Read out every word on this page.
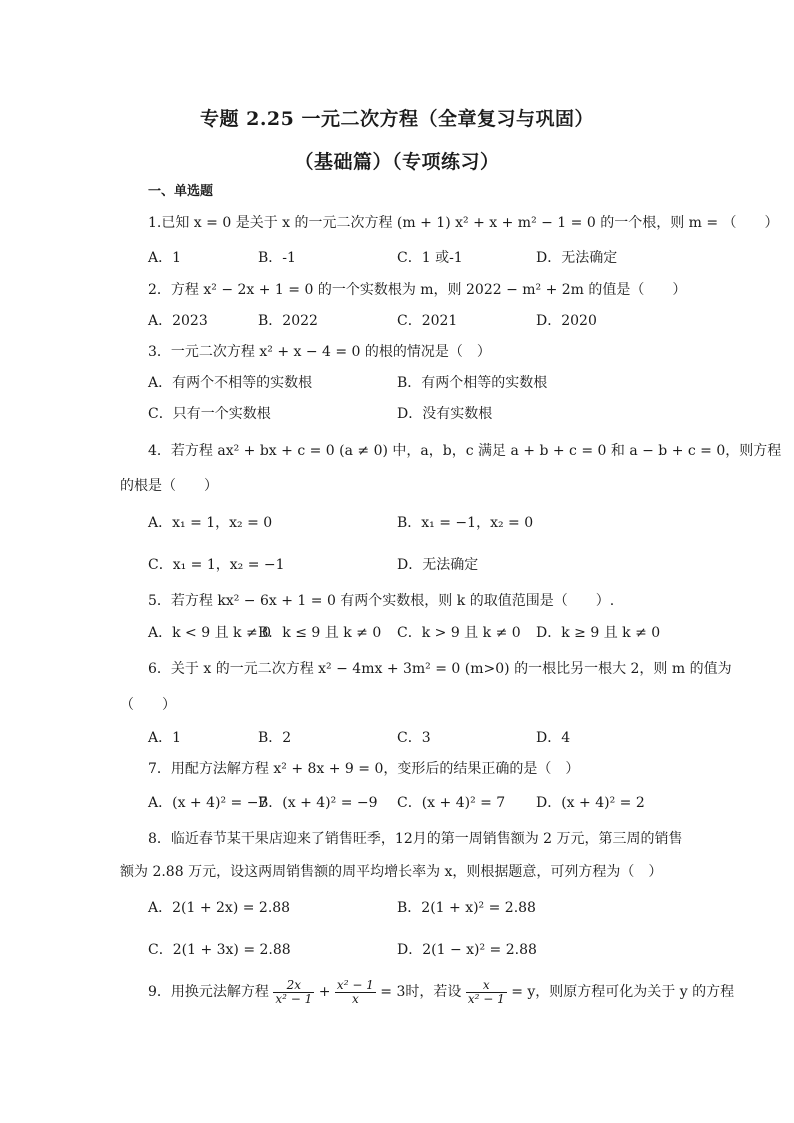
专题 2.25 一元二次方程（全章复习与巩固）
（基础篇）（专项练习）
一、单选题
1.已知 x = 0 是关于 x 的一元二次方程 (m + 1) x² + x + m² − 1 = 0 的一个根，则 m = （　　）
A．1	B．-1	C．1 或-1	D．无法确定
2．方程 x² − 2x + 1 = 0 的一个实数根为 m，则 2022 − m² + 2m 的值是（　　）
A．2023	B．2022	C．2021	D．2020
3．一元二次方程 x² + x − 4 = 0 的根的情况是（　）
A．有两个不相等的实数根	B．有两个相等的实数根
C．只有一个实数根	D．没有实数根
4．若方程 ax² + bx + c = 0 (a ≠ 0) 中，a，b，c 满足 a + b + c = 0 和 a − b + c = 0，则方程
的根是（　　）
A．x₁ = 1，x₂ = 0	B．x₁ = −1，x₂ = 0
C．x₁ = 1，x₂ = −1	D．无法确定
5．若方程 kx² − 6x + 1 = 0 有两个实数根，则 k 的取值范围是（　　）.
A．k < 9 且 k ≠ 0
B．k ≤ 9 且 k ≠ 0 C．k > 9 且 k ≠ 0 D．k ≥ 9 且 k ≠ 0
6．关于 x 的一元二次方程 x² − 4mx + 3m² = 0 (m>0) 的一根比另一根大 2，则 m 的值为
（　　）
A．1	B．2	C．3	D．4
7．用配方法解方程 x² + 8x + 9 = 0，变形后的结果正确的是（　）
A．(x + 4)² = −7
B．(x + 4)² = −9 C．(x + 4)² = 7 D．(x + 4)² = 2
8．临近春节某干果店迎来了销售旺季，12月的第一周销售额为 2 万元，第三周的销售
额为 2.88 万元，设这两周销售额的周平均增长率为 x，则根据题意，可列方程为（　）
A．2(1 + 2x) = 2.88	B．2(1 + x)² = 2.88
C．2(1 + 3x) = 2.88	D．2(1 − x)² = 2.88
9．用换元法解方程 $\frac{2x}{\text{x² − 1}} + \frac{\text{x² − 1}}{x} = 3$时，若设 $\frac{x}{\text{x² − 1}} = y$，则原方程可化为关于 y 的方程
